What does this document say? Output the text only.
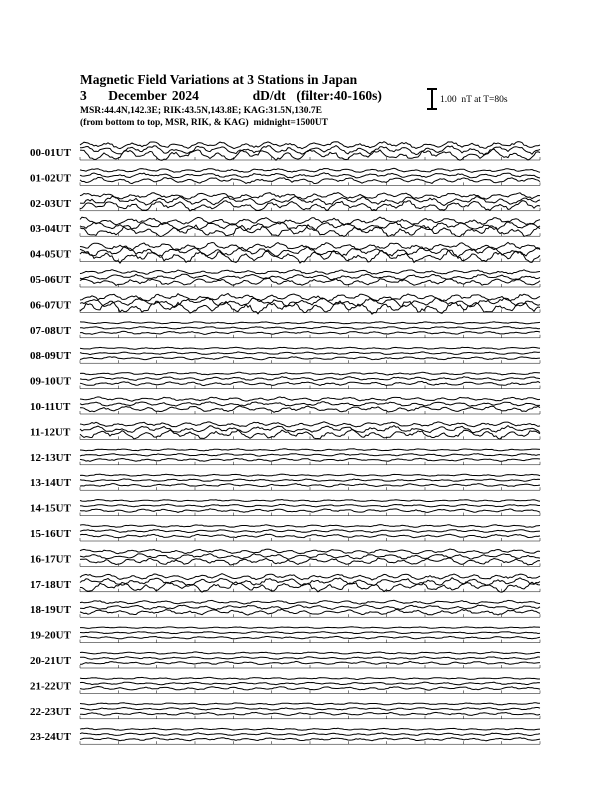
Magnetic Field Variations at 3 Stations in Japan
3    December 2024          dD/dt  (filter:40-160s)
MSR:44.4N,142.3E; RIK:43.5N,143.8E; KAG:31.5N,130.7E
(from bottom to top, MSR, RIK, & KAG)  midnight=1500UT
1.00  nT at T=80s
00-01UT
01-02UT
02-03UT
03-04UT
04-05UT
05-06UT
06-07UT
07-08UT
08-09UT
09-10UT
10-11UT
11-12UT
12-13UT
13-14UT
14-15UT
15-16UT
16-17UT
17-18UT
18-19UT
19-20UT
20-21UT
21-22UT
22-23UT
23-24UT
